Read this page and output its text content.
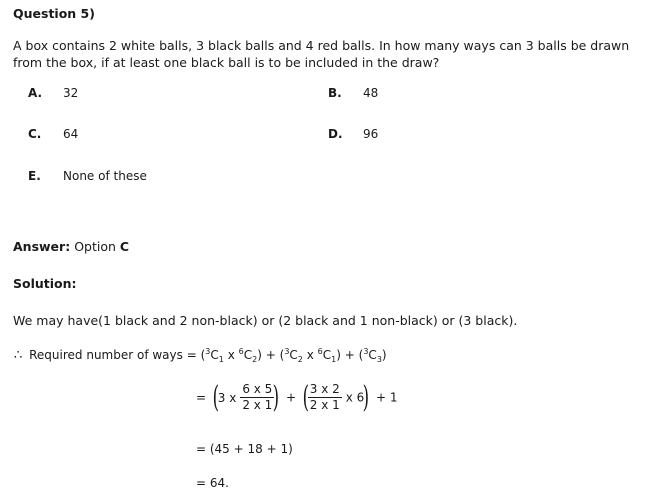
Question 5)
A box contains 2 white balls, 3 black balls and 4 red balls. In how many ways can 3 balls be drawn
from the box, if at least one black ball is to be included in the draw?
A. 32	B. 48
C. 64	D. 96
E. None of these
Answer: Option C
Solution:
We may have(1 black and 2 non-black) or (2 black and 1 non-black) or (3 black).
∴ Required number of ways = ($^3C_1$ x $^6C_2) + (^3C_2$ x $^6C_1) + (^3C_3)$
= (3 x $\frac{6 x 5}{2 x 1}$
) + (
$\frac{3 x 2}{2 x 1}$ x 6) + 1
= (45 + 18 + 1)
= 64.
